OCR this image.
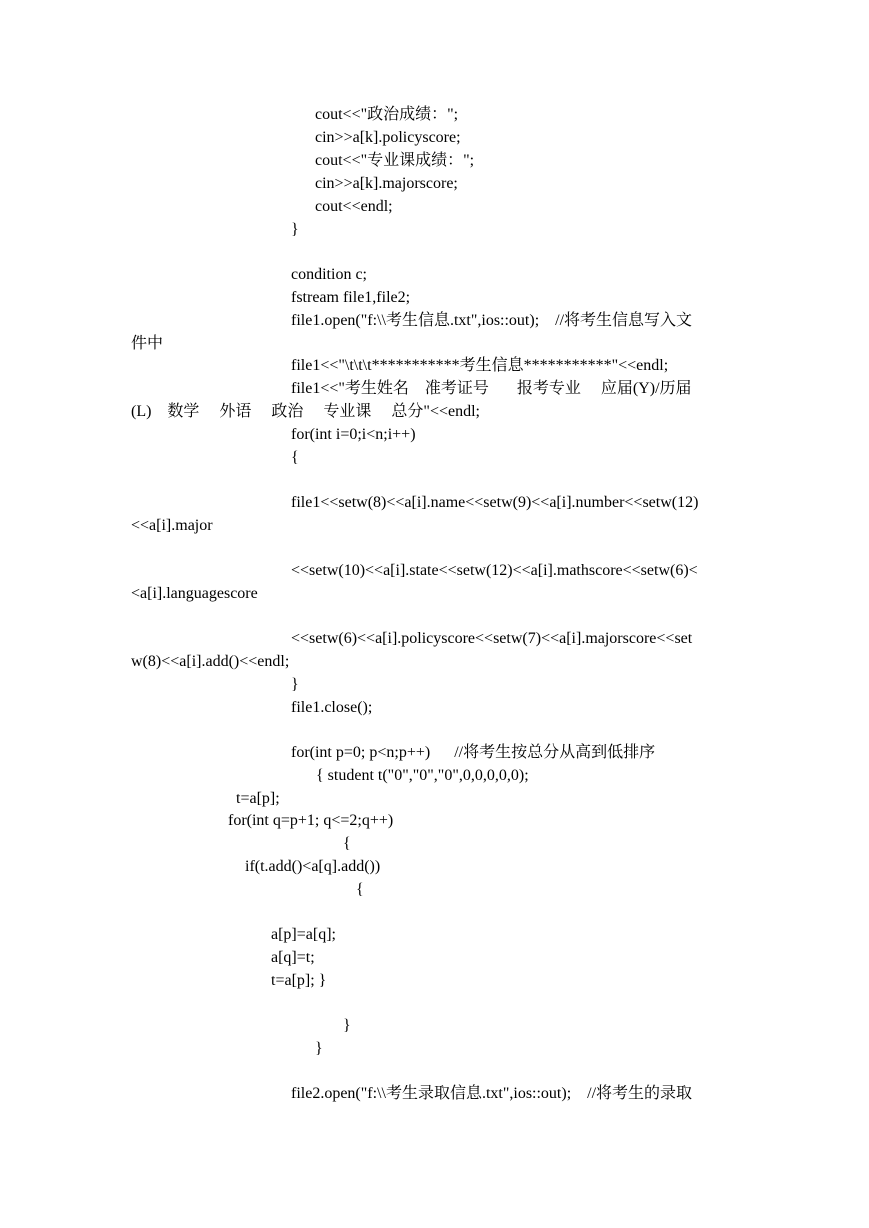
cout<<"政治成绩：";
cin>>a[k].policyscore;
cout<<"专业课成绩：";
cin>>a[k].majorscore;
cout<<endl;
}
condition c;
fstream file1,file2;
file1.open("f:\\考生信息.txt",ios::out);    //将考生信息写入文
件中
file1<<"\t\t\t***********考生信息***********"<<endl;
file1<<"考生姓名    准考证号       报考专业     应届(Y)/历届
(L)    数学     外语     政治     专业课     总分"<<endl;
for(int i=0;i<n;i++)
{
file1<<setw(8)<<a[i].name<<setw(9)<<a[i].number<<setw(12)
<<a[i].major
<<setw(10)<<a[i].state<<setw(12)<<a[i].mathscore<<setw(6)<
<a[i].languagescore
<<setw(6)<<a[i].policyscore<<setw(7)<<a[i].majorscore<<set
w(8)<<a[i].add()<<endl;
}
file1.close();
for(int p=0; p<n;p++)      //将考生按总分从高到低排序
{ student t("0","0","0",0,0,0,0,0);
t=a[p];
for(int q=p+1; q<=2;q++)
{
if(t.add()<a[q].add())
{
a[p]=a[q];
a[q]=t;
t=a[p]; }
}
}
file2.open("f:\\考生录取信息.txt",ios::out);    //将考生的录取
